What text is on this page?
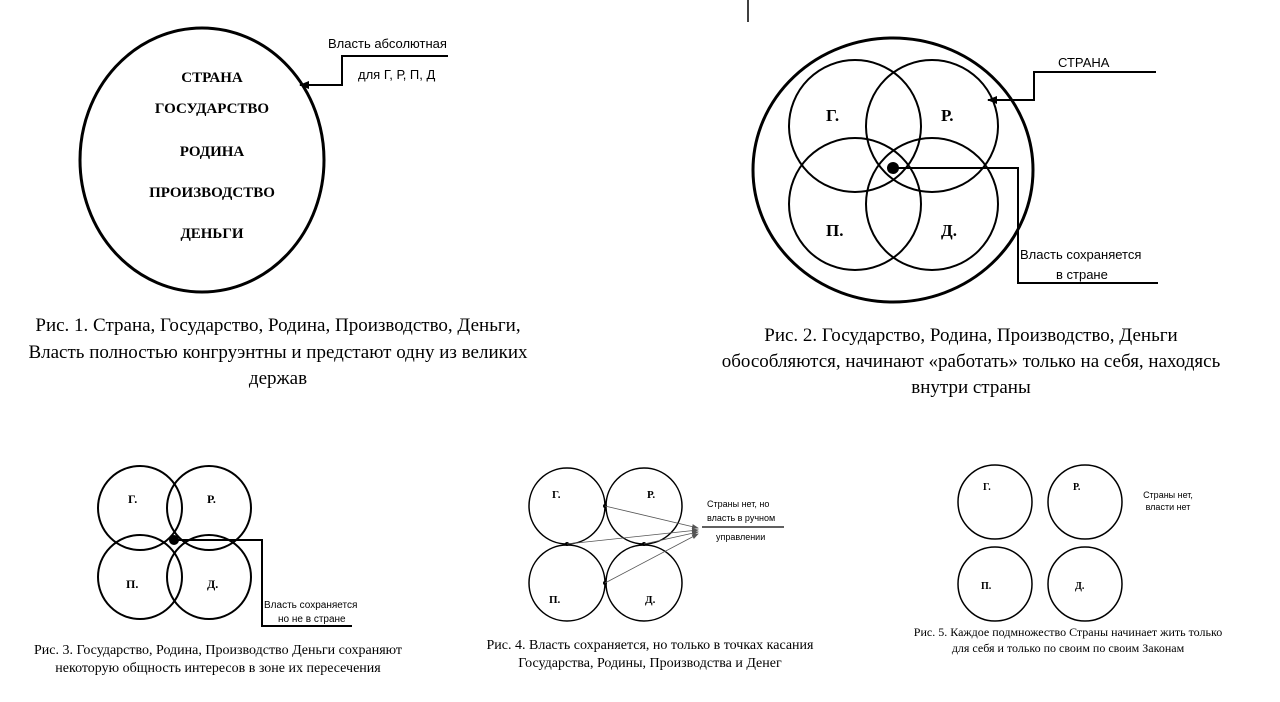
СТРАНА
ГОСУДАРСТВО
РОДИНА
ПРОИЗВОДСТВО
ДЕНЬГИ
Власть абсолютная
для Г, Р, П, Д
Рис. 1. Страна, Государство, Родина, Производство, Деньги,
Власть полностью конгруэнтны и предстают одну из великих
держав
Г.	Р.
П.	Д.
СТРАНА
Власть сохраняется
в стране
Рис. 2. Государство, Родина, Производство, Деньги
обособляются, начинают «работать» только на себя, находясь
внутри страны
Г.	Р.
П.	Д.
Власть сохраняется
но не в стране
Рис. 3. Государство, Родина, Производство Деньги сохраняют
некоторую общность интересов в зоне их пересечения
Г.	Р.
П.	Д.
Страны нет, но
власть в ручном
управлении
Рис. 4. Власть сохраняется, но только в точках касания
Государства, Родины, Производства и Денег
Г.	Р.
П.	Д.
Страны нет,
власти нет
Рис. 5. Каждое подмножество Страны начинает жить только
для себя и только по своим по своим Законам
